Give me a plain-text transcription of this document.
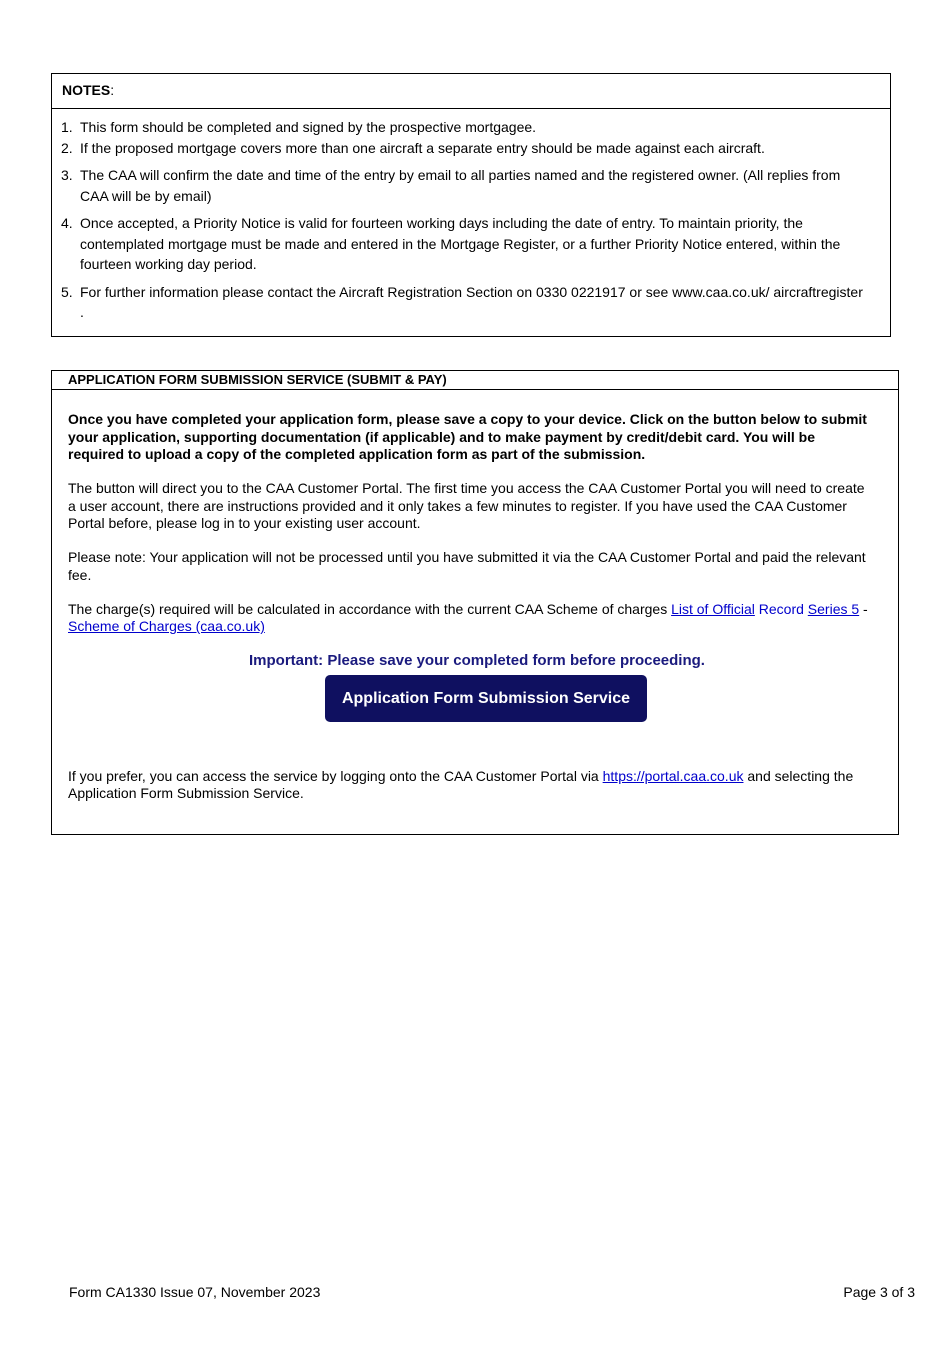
NOTES:
1. This form should be completed and signed by the prospective mortgagee.
2. If the proposed mortgage covers more than one aircraft a separate entry should be made against each aircraft.
3. The CAA will confirm the date and time of the entry by email to all parties named and the registered owner. (All replies from CAA will be by email)
4. Once accepted, a Priority Notice is valid for fourteen working days including the date of entry. To maintain priority, the contemplated mortgage must be made and entered in the Mortgage Register, or a further Priority Notice entered, within the fourteen working day period.
5. For further information please contact the Aircraft Registration Section on 0330 0221917 or see www.caa.co.uk/ aircraftregister .
APPLICATION FORM SUBMISSION SERVICE (SUBMIT & PAY)

Once you have completed your application form, please save a copy to your device. Click on the button below to submit your application, supporting documentation (if applicable) and to make payment by credit/debit card. You will be required to upload a copy of the completed application form as part of the submission.

The button will direct you to the CAA Customer Portal. The first time you access the CAA Customer Portal you will need to create a user account, there are instructions provided and it only takes a few minutes to register. If you have used the CAA Customer Portal before, please log in to your existing user account.

Please note: Your application will not be processed until you have submitted it via the CAA Customer Portal and paid the relevant fee.

The charge(s) required will be calculated in accordance with the current CAA Scheme of charges List of Official Record Series 5 - Scheme of Charges (caa.co.uk)

Important: Please save your completed form before proceeding.
Application Form Submission Service

If you prefer, you can access the service by logging onto the CAA Customer Portal via https://portal.caa.co.uk and selecting the Application Form Submission Service.

Form CA1330 Issue 07, November 2023	Page 3 of 3
